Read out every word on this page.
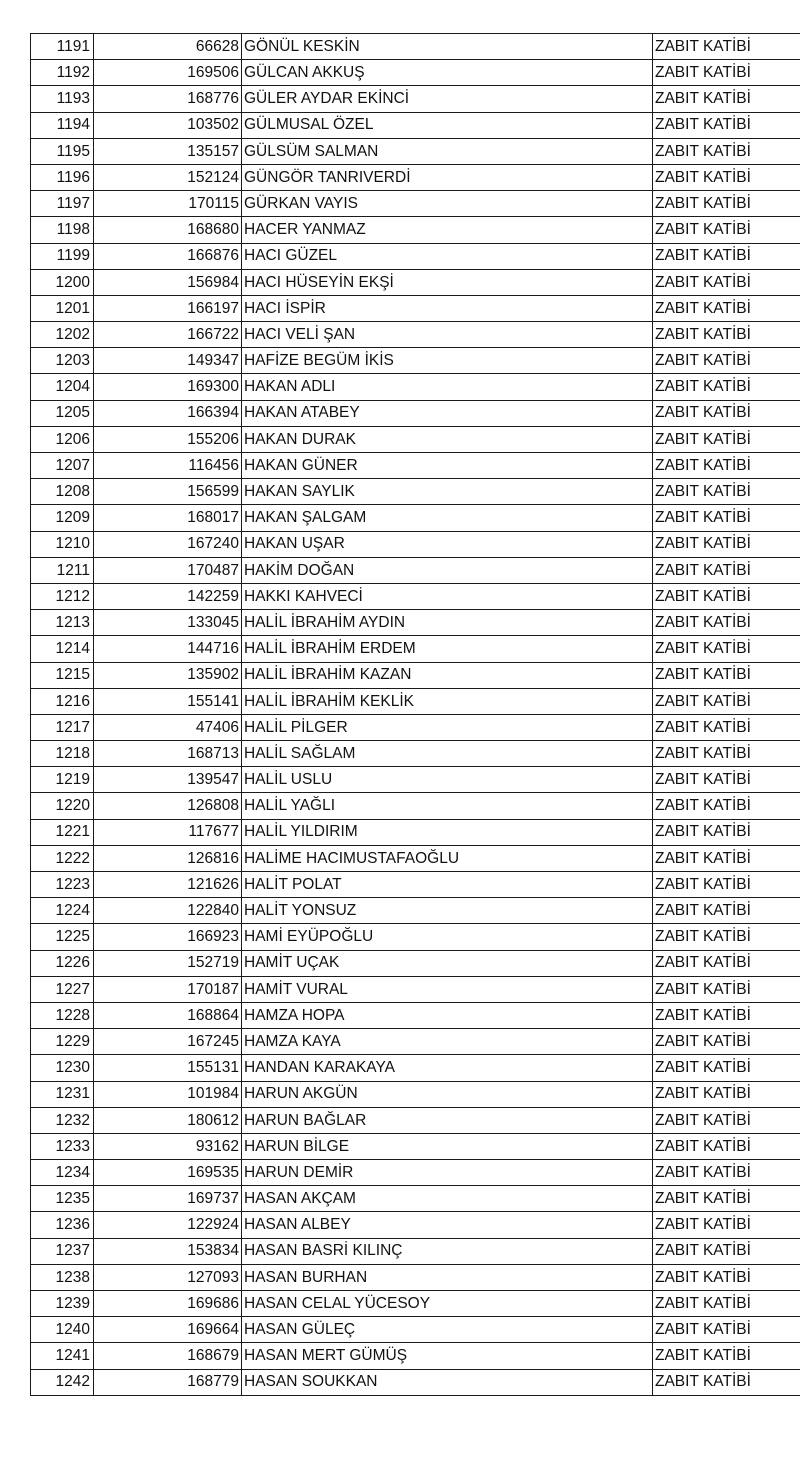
1191	66628	GÖNÜL KESKİN	ZABIT KATİBİ
1192	169506	GÜLCAN AKKUŞ	ZABIT KATİBİ
1193	168776	GÜLER AYDAR EKİNCİ	ZABIT KATİBİ
1194	103502	GÜLMUSAL ÖZEL	ZABIT KATİBİ
1195	135157	GÜLSÜM SALMAN	ZABIT KATİBİ
1196	152124	GÜNGÖR TANRIVERDİ	ZABIT KATİBİ
1197	170115	GÜRKAN VAYIS	ZABIT KATİBİ
1198	168680	HACER YANMAZ	ZABIT KATİBİ
1199	166876	HACI GÜZEL	ZABIT KATİBİ
1200	156984	HACI HÜSEYİN EKŞİ	ZABIT KATİBİ
1201	166197	HACI İSPİR	ZABIT KATİBİ
1202	166722	HACI VELİ ŞAN	ZABIT KATİBİ
1203	149347	HAFİZE BEGÜM İKİS	ZABIT KATİBİ
1204	169300	HAKAN ADLI	ZABIT KATİBİ
1205	166394	HAKAN ATABEY	ZABIT KATİBİ
1206	155206	HAKAN DURAK	ZABIT KATİBİ
1207	116456	HAKAN GÜNER	ZABIT KATİBİ
1208	156599	HAKAN SAYLIK	ZABIT KATİBİ
1209	168017	HAKAN ŞALGAM	ZABIT KATİBİ
1210	167240	HAKAN UŞAR	ZABIT KATİBİ
1211	170487	HAKİM DOĞAN	ZABIT KATİBİ
1212	142259	HAKKI KAHVECİ	ZABIT KATİBİ
1213	133045	HALİL İBRAHİM AYDIN	ZABIT KATİBİ
1214	144716	HALİL İBRAHİM ERDEM	ZABIT KATİBİ
1215	135902	HALİL İBRAHİM KAZAN	ZABIT KATİBİ
1216	155141	HALİL İBRAHİM KEKLİK	ZABIT KATİBİ
1217	47406	HALİL PİLGER	ZABIT KATİBİ
1218	168713	HALİL SAĞLAM	ZABIT KATİBİ
1219	139547	HALİL USLU	ZABIT KATİBİ
1220	126808	HALİL YAĞLI	ZABIT KATİBİ
1221	117677	HALİL YILDIRIM	ZABIT KATİBİ
1222	126816	HALİME HACIMUSTAFAOĞLU	ZABIT KATİBİ
1223	121626	HALİT POLAT	ZABIT KATİBİ
1224	122840	HALİT YONSUZ	ZABIT KATİBİ
1225	166923	HAMİ EYÜPOĞLU	ZABIT KATİBİ
1226	152719	HAMİT UÇAK	ZABIT KATİBİ
1227	170187	HAMİT VURAL	ZABIT KATİBİ
1228	168864	HAMZA HOPA	ZABIT KATİBİ
1229	167245	HAMZA KAYA	ZABIT KATİBİ
1230	155131	HANDAN KARAKAYA	ZABIT KATİBİ
1231	101984	HARUN AKGÜN	ZABIT KATİBİ
1232	180612	HARUN BAĞLAR	ZABIT KATİBİ
1233	93162	HARUN BİLGE	ZABIT KATİBİ
1234	169535	HARUN DEMİR	ZABIT KATİBİ
1235	169737	HASAN AKÇAM	ZABIT KATİBİ
1236	122924	HASAN ALBEY	ZABIT KATİBİ
1237	153834	HASAN BASRİ KILINÇ	ZABIT KATİBİ
1238	127093	HASAN BURHAN	ZABIT KATİBİ
1239	169686	HASAN CELAL YÜCESOY	ZABIT KATİBİ
1240	169664	HASAN GÜLEÇ	ZABIT KATİBİ
1241	168679	HASAN MERT GÜMÜŞ	ZABIT KATİBİ
1242	168779	HASAN SOUKKAN	ZABIT KATİBİ
